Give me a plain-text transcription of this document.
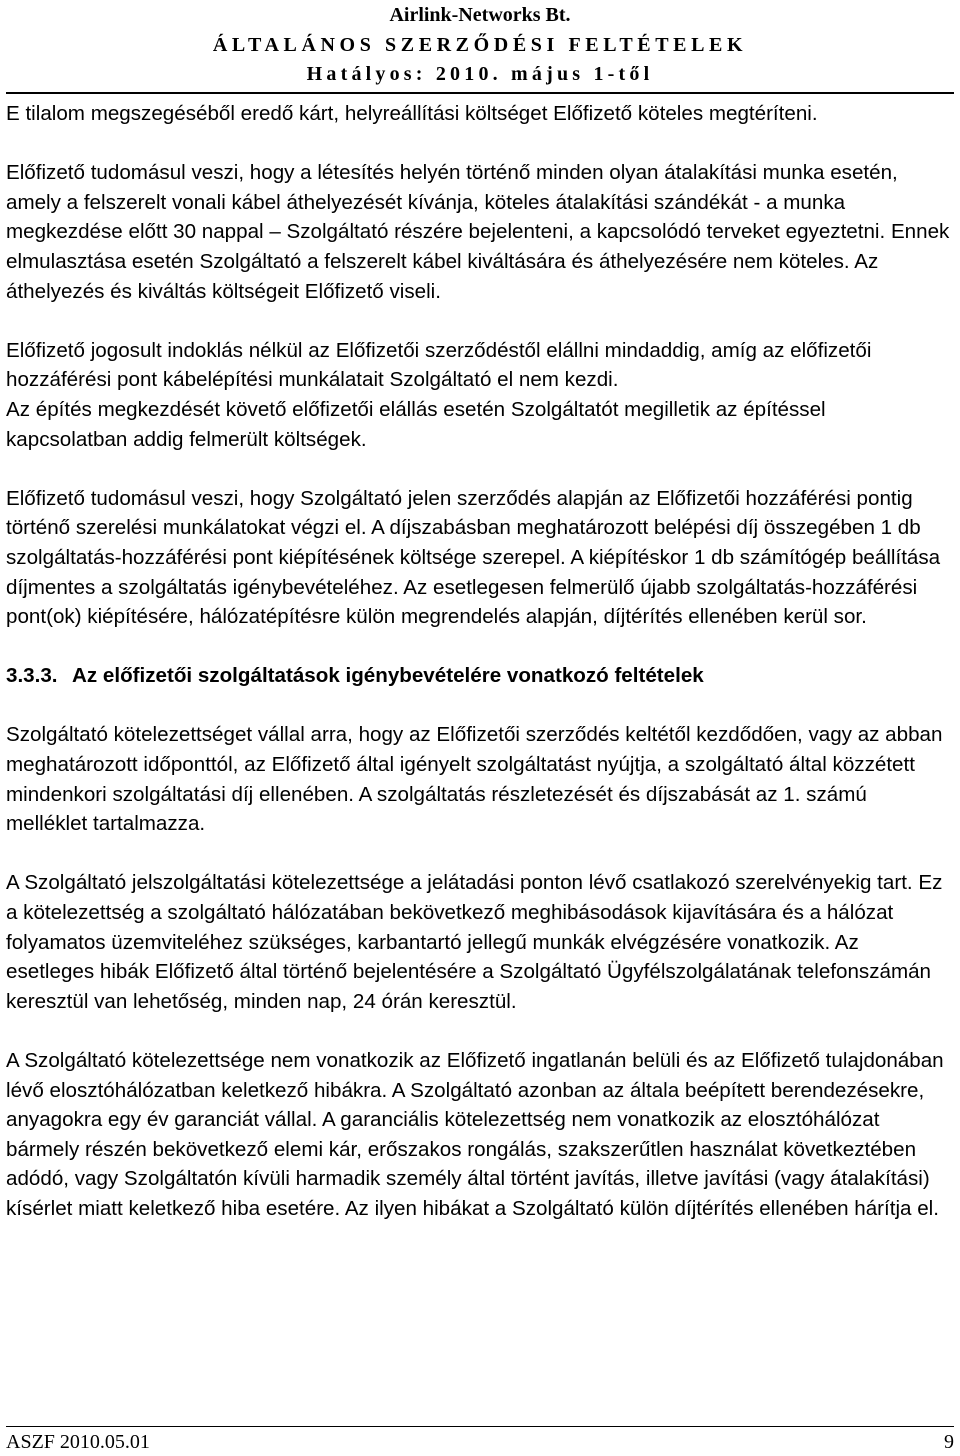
Airlink-Networks Bt.
ÁLTALÁNOS SZERZŐDÉSI FELTÉTELEK
Hatályos: 2010. május 1-től

E tilalom megszegéséből eredő kárt, helyreállítási költséget Előfizető köteles megtéríteni.

Előfizető tudomásul veszi, hogy a létesítés helyén történő minden olyan átalakítási munka esetén, amely a felszerelt vonali kábel áthelyezését kívánja, köteles átalakítási szándékát - a munka megkezdése előtt 30 nappal – Szolgáltató részére bejelenteni, a kapcsolódó terveket egyeztetni. Ennek elmulasztása esetén Szolgáltató a felszerelt kábel kiváltására és áthelyezésére nem köteles. Az áthelyezés és kiváltás költségeit Előfizető viseli.

Előfizető jogosult indoklás nélkül az Előfizetői szerződéstől elállni mindaddig, amíg az előfizetői hozzáférési pont kábelépítési munkálatait Szolgáltató el nem kezdi.

Az építés megkezdését követő előfizetői elállás esetén Szolgáltatót megilletik az építéssel kapcsolatban addig felmerült költségek.

Előfizető tudomásul veszi, hogy Szolgáltató jelen szerződés alapján az Előfizetői hozzáférési pontig történő szerelési munkálatokat végzi el. A díjszabásban meghatározott belépési díj összegében 1 db szolgáltatás-hozzáférési pont kiépítésének költsége szerepel. A kiépítéskor 1 db számítógép beállítása díjmentes a szolgáltatás igénybevételéhez. Az esetlegesen felmerülő újabb szolgáltatás-hozzáférési pont(ok) kiépítésére, hálózatépítésre külön megrendelés alapján, díjtérítés ellenében kerül sor.

3.3.3. Az előfizetői szolgáltatások igénybevételére vonatkozó feltételek

Szolgáltató kötelezettséget vállal arra, hogy az Előfizetői szerződés keltétől kezdődően, vagy az abban meghatározott időponttól, az Előfizető által igényelt szolgáltatást nyújtja, a szolgáltató által közzétett mindenkori szolgáltatási díj ellenében. A szolgáltatás részletezését és díjszabását az 1. számú melléklet tartalmazza.

A Szolgáltató jelszolgáltatási kötelezettsége a jelátadási ponton lévő csatlakozó szerelvényekig tart. Ez a kötelezettség a szolgáltató hálózatában bekövetkező meghibásodások kijavítására és a hálózat folyamatos üzemviteléhez szükséges, karbantartó jellegű munkák elvégzésére vonatkozik. Az esetleges hibák Előfizető által történő bejelentésére a Szolgáltató Ügyfélszolgálatának telefonszámán keresztül van lehetőség, minden nap, 24 órán keresztül.

A Szolgáltató kötelezettsége nem vonatkozik az Előfizető ingatlanán belüli és az Előfizető tulajdonában lévő elosztóhálózatban keletkező hibákra. A Szolgáltató azonban az általa beépített berendezésekre, anyagokra egy év garanciát vállal. A garanciális kötelezettség nem vonatkozik az elosztóhálózat bármely részén bekövetkező elemi kár, erőszakos rongálás, szakszerűtlen használat következtében adódó, vagy Szolgáltatón kívüli harmadik személy által történt javítás, illetve javítási (vagy átalakítási) kísérlet miatt keletkező hiba esetére. Az ilyen hibákat a Szolgáltató külön díjtérítés ellenében hárítja el.

ASZF 2010.05.01	9
